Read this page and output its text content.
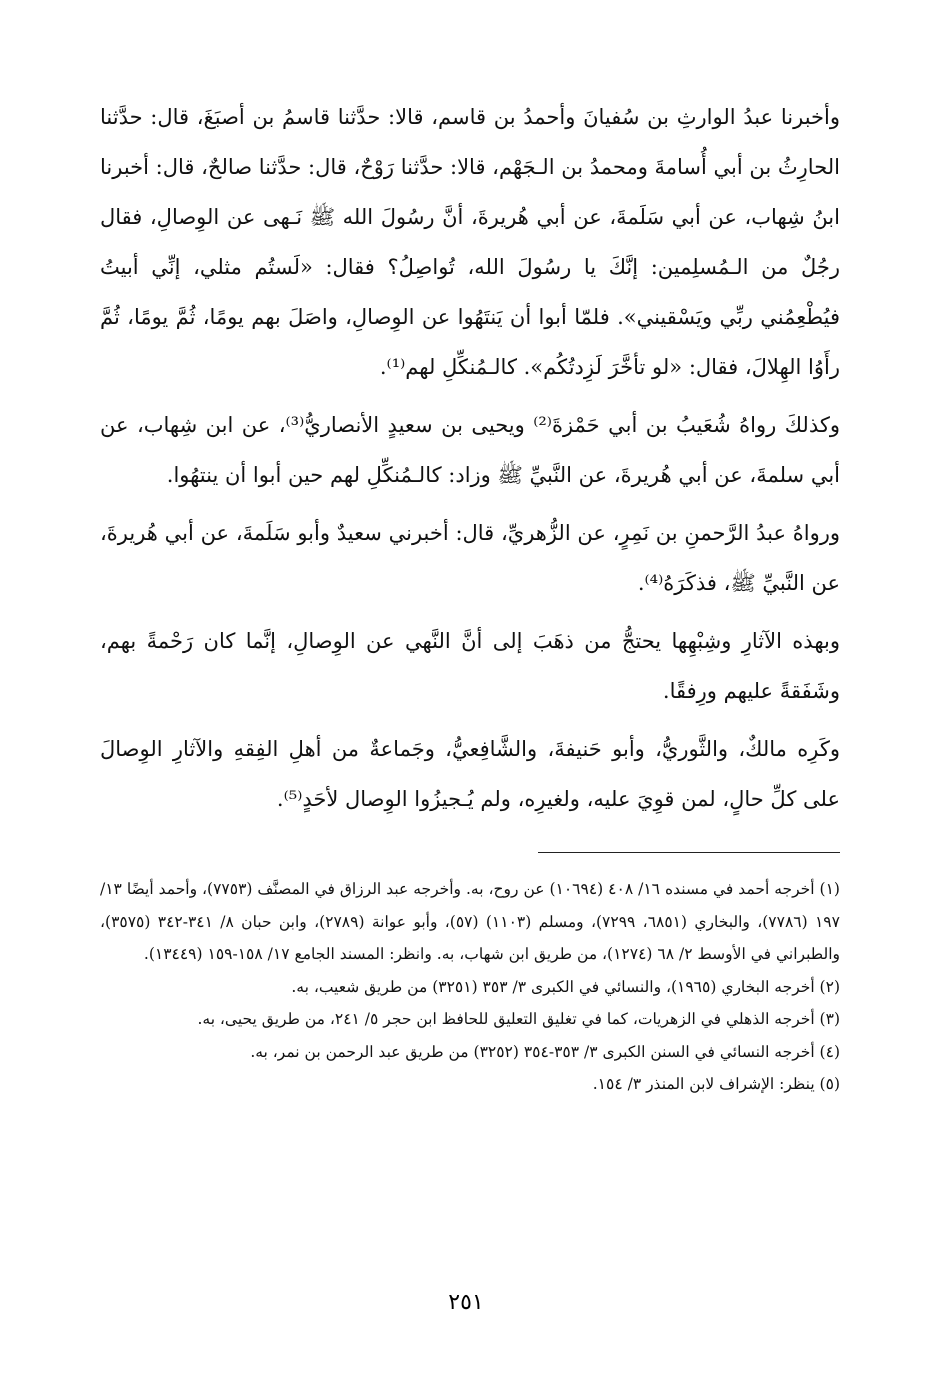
وأخبرنا عبدُ الوارثِ بن سُفيانَ وأحمدُ بن قاسم، قالا: حدَّثنا قاسمُ بن أصبَغَ، قال: حدَّثنا الحارِثُ بن أبي أُسامةَ ومحمدُ بن الـجَهْم، قالا: حدَّثنا رَوْحٌ، قال: حدَّثنا صالحٌ، قال: أخبرنا ابنُ شِهاب، عن أبي سَلَمةَ، عن أبي هُريرةَ، أنَّ رسُولَ الله ﷺ نَـهى عن الوِصالِ، فقال رجُلٌ من الـمُسلِمين: إنَّكَ يا رسُولَ الله، تُواصِلُ؟ فقال: «لَستُم مثلي، إنِّي أبيتُ فيُطْعِمُني ربِّي ويَسْقيني». فلمّا أبوا أن يَنتَهُوا عن الوِصالِ، واصَلَ بهم يومًا، ثُمَّ يومًا، ثُمَّ رأَوُا الهِلالَ، فقال: «لو تأخَّرَ لَزِدتُكُم». كالـمُنكِّلِ لهم⁽¹⁾.

وكذلكَ رواهُ شُعَيبُ بن أبي حَمْزةَ⁽²⁾ ويحيى بن سعيدٍ الأنصاريُّ⁽³⁾، عن ابن شِهاب، عن أبي سلمةَ، عن أبي هُريرةَ، عن النَّبيِّ ﷺ وزاد: كالـمُنكِّلِ لهم حين أبوا أن ينتهُوا.

ورواهُ عبدُ الرَّحمنِ بن نَمِرٍ، عن الزُّهريِّ، قال: أخبرني سعيدٌ وأبو سَلَمةَ، عن أبي هُريرةَ، عن النَّبيِّ ﷺ، فذكَرَهُ⁽⁴⁾.

وبهذه الآثارِ وشِبْهِها يحتجُّ من ذهَبَ إلى أنَّ النَّهي عن الوِصالِ، إنَّما كان رَحْمةً بهم، وشَفَقةً عليهم ورِفقًا.

وكَرِه مالكٌ، والثَّوريُّ، وأبو حَنيفةَ، والشَّافِعيُّ، وجَماعةٌ من أهلِ الفِقهِ والآثارِ الوِصالَ على كلِّ حالٍ، لمن قوِيَ عليه، ولغيرِه، ولم يُـجيزُوا الوِصال لأحَدٍ⁽⁵⁾.

(١) أخرجه أحمد في مسنده ١٦/ ٤٠٨ (١٠٦٩٤) عن روح، به. وأخرجه عبد الرزاق في المصنَّف (٧٧٥٣)، وأحمد أيضًا ١٣/ ١٩٧ (٧٧٨٦)، والبخاري (٦٨٥١، ٧٢٩٩)، ومسلم (١١٠٣) (٥٧)، وأبو عوانة (٢٧٨٩)، وابن حبان ٨/ ٣٤١-٣٤٢ (٣٥٧٥)، والطبراني في الأوسط ٢/ ٦٨ (١٢٧٤)، من طريق ابن شهاب، به. وانظر: المسند الجامع ١٧/ ١٥٨-١٥٩ (١٣٤٤٩).

(٢) أخرجه البخاري (١٩٦٥)، والنسائي في الكبرى ٣/ ٣٥٣ (٣٢٥١) من طريق شعيب، به.

(٣) أخرجه الذهلي في الزهريات، كما في تغليق التعليق للحافظ ابن حجر ٥/ ٢٤١، من طريق يحيى، به.

(٤) أخرجه النسائي في السنن الكبرى ٣/ ٣٥٣-٣٥٤ (٣٢٥٢) من طريق عبد الرحمن بن نمر، به.

(٥) ينظر: الإشراف لابن المنذر ٣/ ١٥٤.

٢٥١
